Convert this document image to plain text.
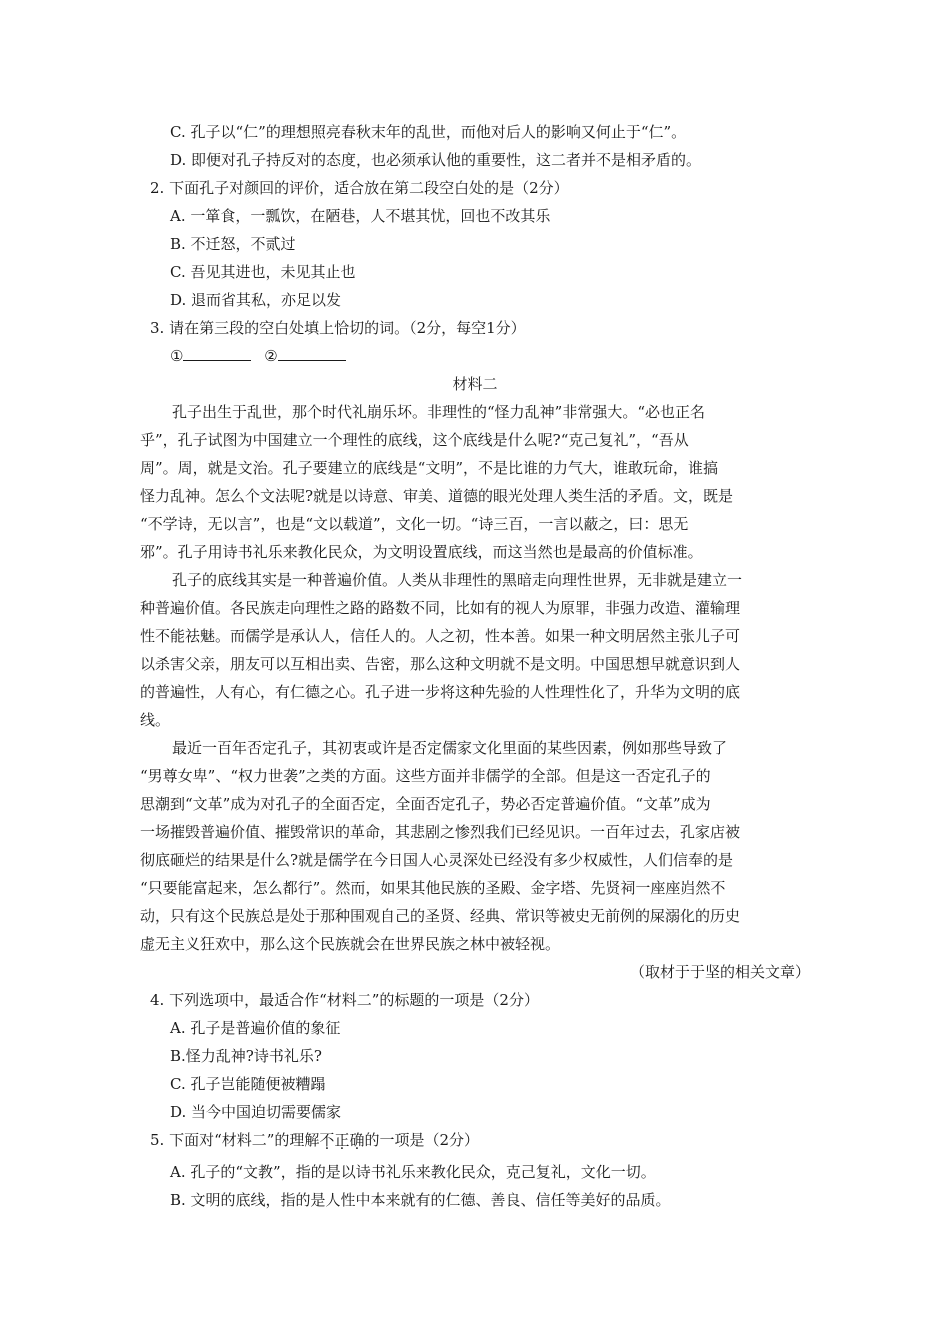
C. 孔子以“仁”的理想照亮春秋末年的乱世，而他对后人的影响又何止于“仁”。
D. 即便对孔子持反对的态度，也必须承认他的重要性，这二者并不是相矛盾的。
2. 下面孔子对颜回的评价，适合放在第二段空白处的是（2分）
A. 一箪食，一瓢饮，在陋巷，人不堪其忧，回也不改其乐
B. 不迁怒，不贰过
C. 吾见其进也，未见其止也
D. 退而省其私，亦足以发
3. 请在第三段的空白处填上恰切的词。（2分，每空1分）
①	②
材料二
孔子出生于乱世，那个时代礼崩乐坏。非理性的“怪力乱神”非常强大。“必也正名
乎”，孔子试图为中国建立一个理性的底线，这个底线是什么呢?“克己复礼”，“吾从
周”。周，就是文治。孔子要建立的底线是“文明”，不是比谁的力气大，谁敢玩命，谁搞
怪力乱神。怎么个文法呢?就是以诗意、审美、道德的眼光处理人类生活的矛盾。文，既是
“不学诗，无以言”，也是“文以载道”，文化一切。“诗三百，一言以蔽之，曰：思无
邪”。孔子用诗书礼乐来教化民众，为文明设置底线，而这当然也是最高的价值标准。
孔子的底线其实是一种普遍价值。人类从非理性的黑暗走向理性世界，无非就是建立一
种普遍价值。各民族走向理性之路的路数不同，比如有的视人为原罪，非强力改造、灌输理
性不能祛魅。而儒学是承认人，信任人的。人之初，性本善。如果一种文明居然主张儿子可
以杀害父亲，朋友可以互相出卖、告密，那么这种文明就不是文明。中国思想早就意识到人
的普遍性，人有心，有仁德之心。孔子进一步将这种先验的人性理性化了，升华为文明的底
线。
最近一百年否定孔子，其初衷或许是否定儒家文化里面的某些因素，例如那些导致了
“男尊女卑”、“权力世袭”之类的方面。这些方面并非儒学的全部。但是这一否定孔子的
思潮到“文革”成为对孔子的全面否定，全面否定孔子，势必否定普遍价值。“文革”成为
一场摧毁普遍价值、摧毁常识的革命，其悲剧之惨烈我们已经见识。一百年过去，孔家店被
彻底砸烂的结果是什么?就是儒学在今日国人心灵深处已经没有多少权威性，人们信奉的是
“只要能富起来，怎么都行”。然而，如果其他民族的圣殿、金字塔、先贤祠一座座岿然不
动，只有这个民族总是处于那种围观自己的圣贤、经典、常识等被史无前例的屎溺化的历史
虚无主义狂欢中，那么这个民族就会在世界民族之林中被轻视。
（取材于于坚的相关文章）
4. 下列选项中，最适合作“材料二”的标题的一项是（2分）
A. 孔子是普遍价值的象征
B.怪力乱神?诗书礼乐?
C. 孔子岂能随便被糟蹋
D. 当今中国迫切需要儒家
5. 下面对“材料二”的理解不正确的一项是（2分）
A. 孔子的“文教”，指的是以诗书礼乐来教化民众，克己复礼，文化一切。
B. 文明的底线，指的是人性中本来就有的仁德、善良、信任等美好的品质。
